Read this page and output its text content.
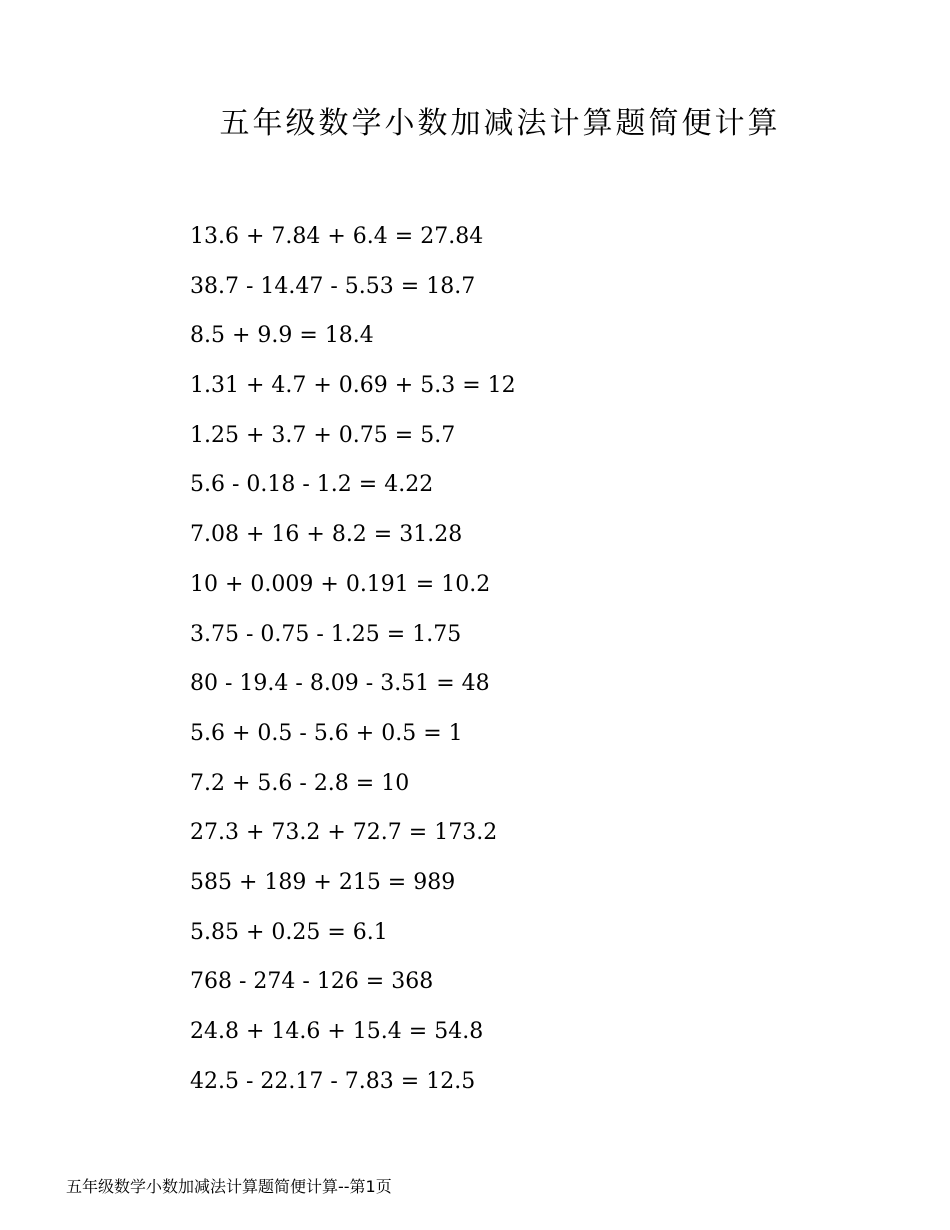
五年级数学小数加减法计算题简便计算
13.6 + 7.84 + 6.4 = 27.84
38.7 - 14.47 - 5.53 = 18.7
8.5 + 9.9 = 18.4
1.31 + 4.7 + 0.69 + 5.3 = 12
1.25 + 3.7 + 0.75 = 5.7
5.6 - 0.18 - 1.2 = 4.22
7.08 + 16 + 8.2 = 31.28
10 + 0.009 + 0.191 = 10.2
3.75 - 0.75 - 1.25 = 1.75
80 - 19.4 - 8.09 - 3.51 = 48
5.6 + 0.5 - 5.6 + 0.5 = 1
7.2 + 5.6 - 2.8 = 10
27.3 + 73.2 + 72.7 = 173.2
585 + 189 + 215 = 989
5.85 + 0.25 = 6.1
768 - 274 - 126 = 368
24.8 + 14.6 + 15.4 = 54.8
42.5 - 22.17 - 7.83 = 12.5
五年级数学小数加减法计算题简便计算--第1页
